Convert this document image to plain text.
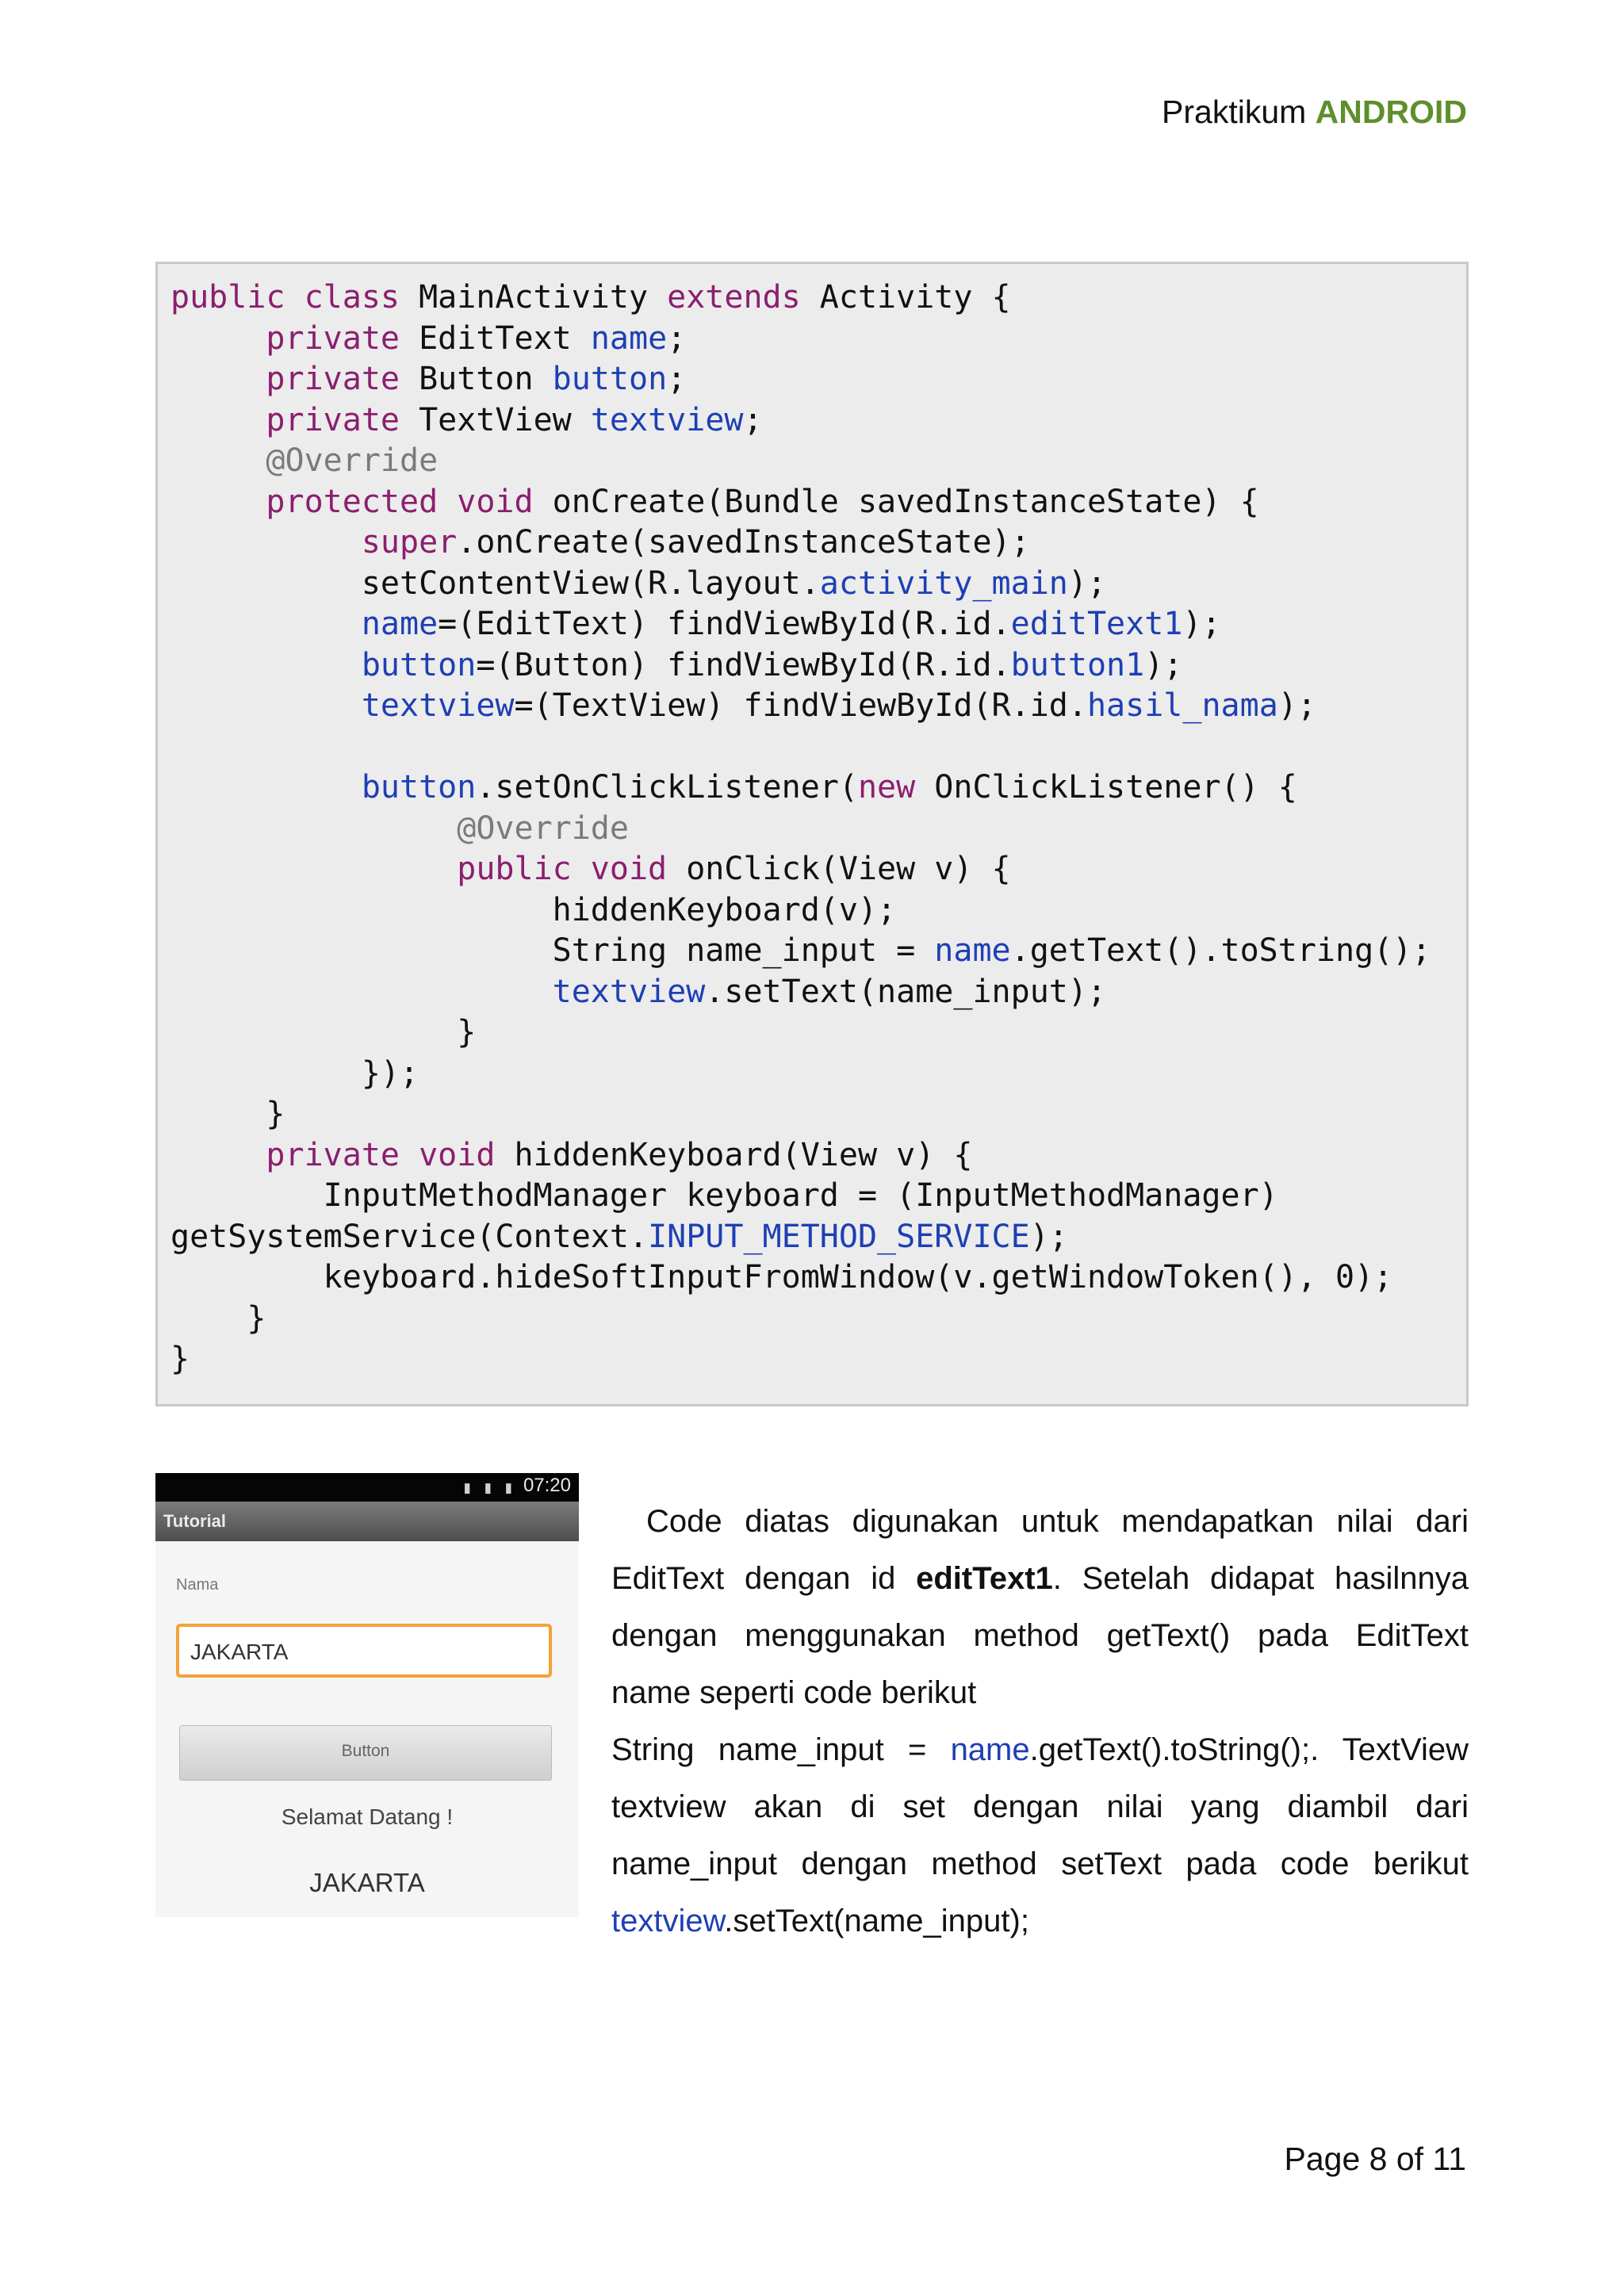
Praktikum ANDROID
public class MainActivity extends Activity {
private EditText name;
private Button button;
private TextView textview;
@Override
protected void onCreate(Bundle savedInstanceState) {
super.onCreate(savedInstanceState);
setContentView(R.layout.activity_main);
name=(EditText) findViewById(R.id.editText1);
button=(Button) findViewById(R.id.button1);
textview=(TextView) findViewById(R.id.hasil_nama);
button.setOnClickListener(new OnClickListener() {
@Override
public void onClick(View v) {
hiddenKeyboard(v);
String name_input = name.getText().toString();
textview.setText(name_input);
}
});
}
private void hiddenKeyboard(View v) {
InputMethodManager keyboard = (InputMethodManager)
getSystemService(Context.INPUT_METHOD_SERVICE);
keyboard.hideSoftInputFromWindow(v.getWindowToken(), 0);
}
}
▮ ▮ ▮ 07:20
Tutorial
Nama
JAKARTA
Button
Selamat Datang !
JAKARTA
Code diatas digunakan untuk mendapatkan nilai dari
EditText dengan id editText1. Setelah didapat hasilnnya
dengan menggunakan method getText() pada EditText
name seperti code berikut
String name_input = name.getText().toString();. TextView
textview akan di set dengan nilai yang diambil dari
name_input dengan method setText pada code berikut
textview.setText(name_input);
Page 8 of 11
